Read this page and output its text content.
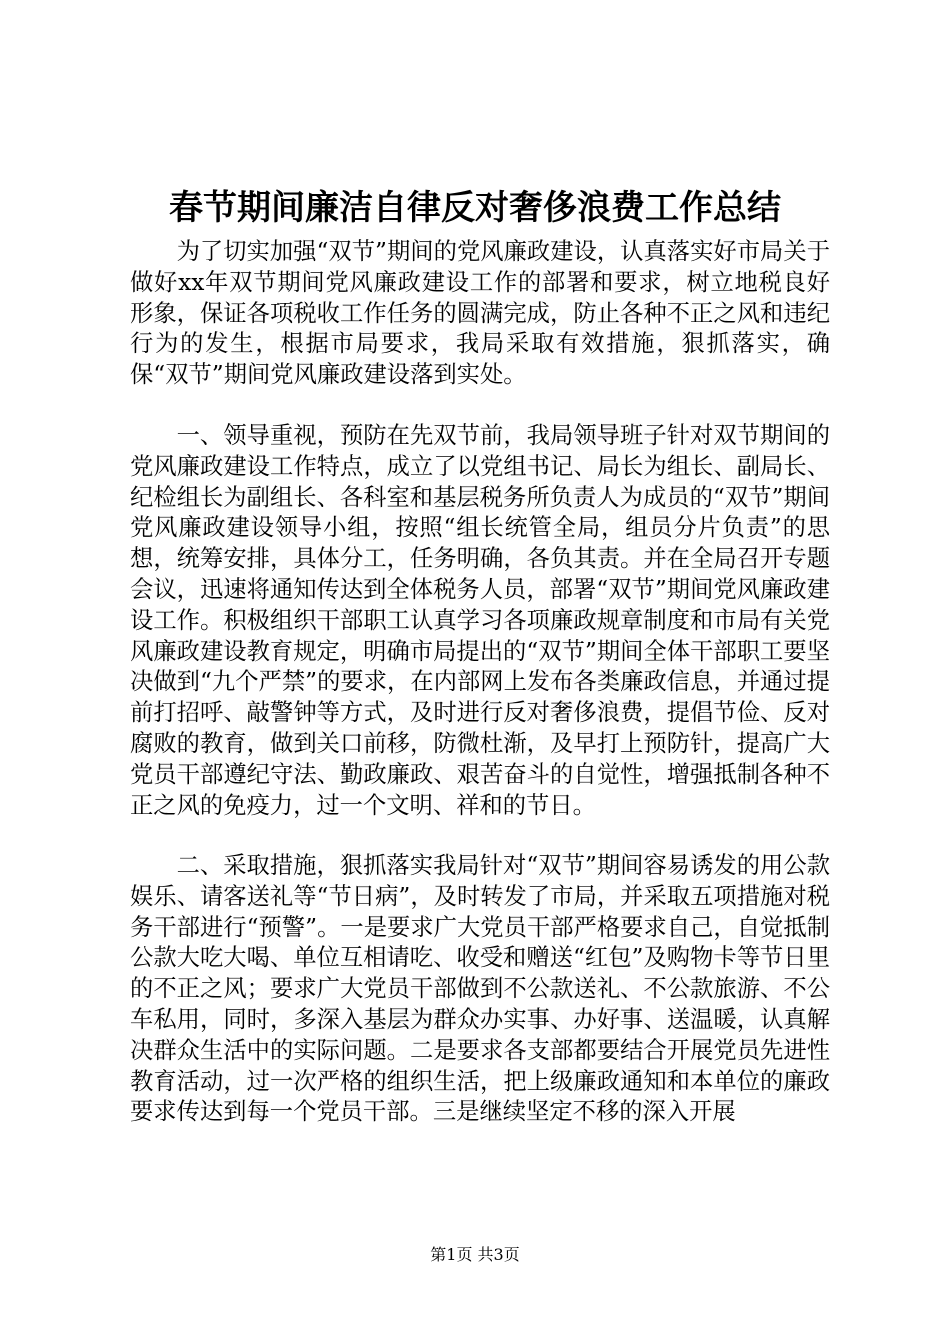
春节期间廉洁自律反对奢侈浪费工作总结

为了切实加强“双节”期间的党风廉政建设，认真落实好市局关于做好xx年双节期间党风廉政建设工作的部署和要求，树立地税良好形象，保证各项税收工作任务的圆满完成，防止各种不正之风和违纪行为的发生，根据市局要求，我局采取有效措施，狠抓落实，确保“双节”期间党风廉政建设落到实处。

一、领导重视，预防在先双节前，我局领导班子针对双节期间的党风廉政建设工作特点，成立了以党组书记、局长为组长、副局长、纪检组长为副组长、各科室和基层税务所负责人为成员的“双节”期间党风廉政建设领导小组，按照“组长统管全局，组员分片负责”的思想，统筹安排，具体分工，任务明确，各负其责。并在全局召开专题会议，迅速将通知传达到全体税务人员，部署“双节”期间党风廉政建设工作。积极组织干部职工认真学习各项廉政规章制度和市局有关党风廉政建设教育规定，明确市局提出的“双节”期间全体干部职工要坚决做到“九个严禁”的要求，在内部网上发布各类廉政信息，并通过提前打招呼、敲警钟等方式，及时进行反对奢侈浪费，提倡节俭、反对腐败的教育，做到关口前移，防微杜渐，及早打上预防针，提高广大党员干部遵纪守法、勤政廉政、艰苦奋斗的自觉性，增强抵制各种不正之风的免疫力，过一个文明、祥和的节日。

二、采取措施，狠抓落实我局针对“双节”期间容易诱发的用公款娱乐、请客送礼等“节日病”，及时转发了市局，并采取五项措施对税务干部进行“预警”。一是要求广大党员干部严格要求自己，自觉抵制公款大吃大喝、单位互相请吃、收受和赠送“红包”及购物卡等节日里的不正之风；要求广大党员干部做到不公款送礼、不公款旅游、不公车私用，同时，多深入基层为群众办实事、办好事、送温暖，认真解决群众生活中的实际问题。二是要求各支部都要结合开展党员先进性教育活动，过一次严格的组织生活，把上级廉政通知和本单位的廉政要求传达到每一个党员干部。三是继续坚定不移的深入开展

第1页 共3页
